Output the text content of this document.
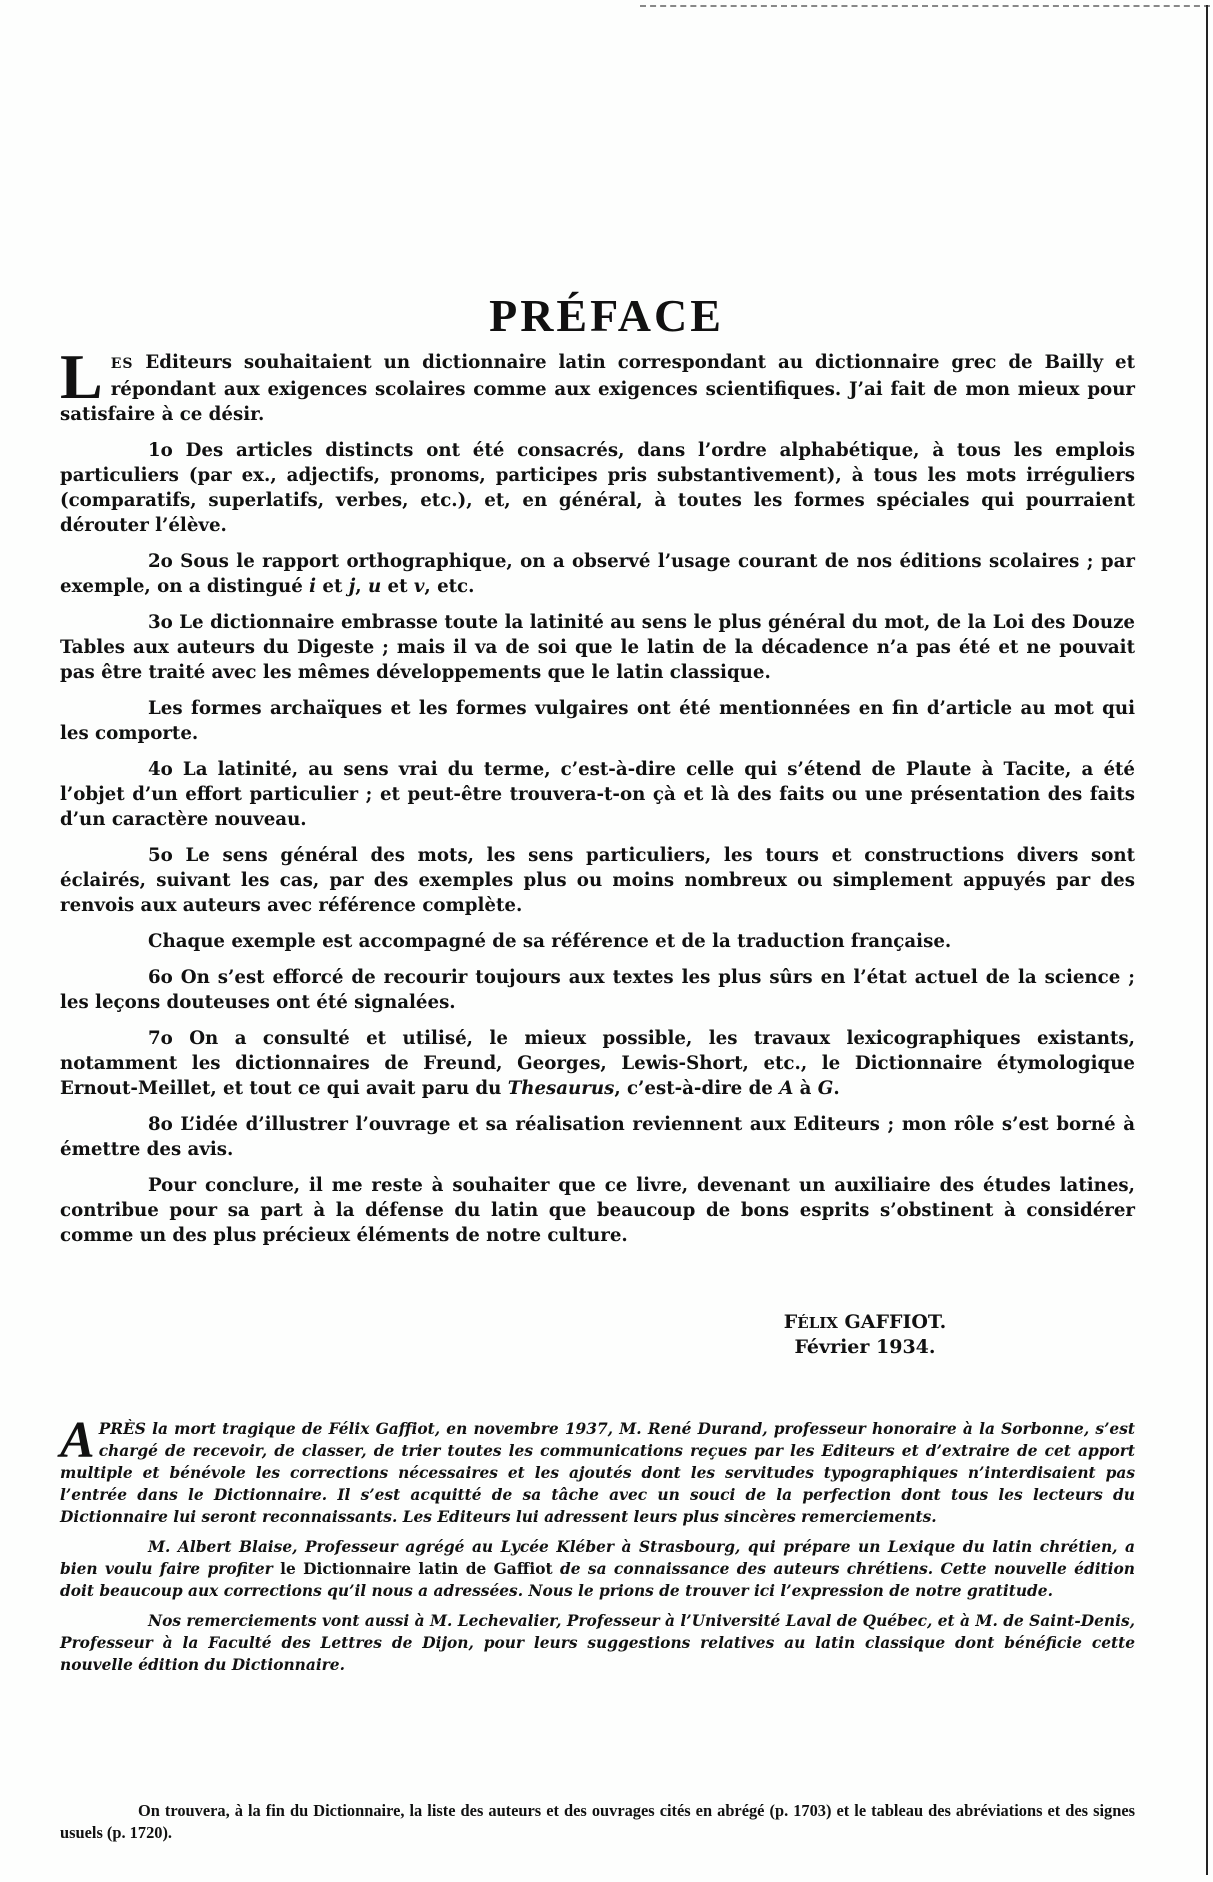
PRÉFACE

LES Editeurs souhaitaient un dictionnaire latin correspondant au dictionnaire grec de Bailly et répondant aux exigences scolaires comme aux exigences scientifiques. J’ai fait de mon mieux pour satisfaire à ce désir.

1o Des articles distincts ont été consacrés, dans l’ordre alphabétique, à tous les emplois particuliers (par ex., adjectifs, pronoms, participes pris substantivement), à tous les mots irréguliers (comparatifs, superlatifs, verbes, etc.), et, en général, à toutes les formes spéciales qui pourraient dérouter l’élève.

2o Sous le rapport orthographique, on a observé l’usage courant de nos éditions scolaires ; par exemple, on a distingué i et j, u et v, etc.

3o Le dictionnaire embrasse toute la latinité au sens le plus général du mot, de la Loi des Douze Tables aux auteurs du Digeste ; mais il va de soi que le latin de la décadence n’a pas été et ne pouvait pas être traité avec les mêmes développements que le latin classique.

Les formes archaïques et les formes vulgaires ont été mentionnées en fin d’article au mot qui les comporte.

4o La latinité, au sens vrai du terme, c’est-à-dire celle qui s’étend de Plaute à Tacite, a été l’objet d’un effort particulier ; et peut-être trouvera-t-on çà et là des faits ou une présentation des faits d’un caractère nouveau.

5o Le sens général des mots, les sens particuliers, les tours et constructions divers sont éclairés, suivant les cas, par des exemples plus ou moins nombreux ou simplement appuyés par des renvois aux auteurs avec référence complète.

Chaque exemple est accompagné de sa référence et de la traduction française.

6o On s’est efforcé de recourir toujours aux textes les plus sûrs en l’état actuel de la science ; les leçons douteuses ont été signalées.

7o On a consulté et utilisé, le mieux possible, les travaux lexicographiques existants, notamment les dictionnaires de Freund, Georges, Lewis-Short, etc., le Dictionnaire étymologique Ernout-Meillet, et tout ce qui avait paru du Thesaurus, c’est-à-dire de A à G.

8o L’idée d’illustrer l’ouvrage et sa réalisation reviennent aux Editeurs ; mon rôle s’est borné à émettre des avis.

Pour conclure, il me reste à souhaiter que ce livre, devenant un auxiliaire des études latines, contribue pour sa part à la défense du latin que beaucoup de bons esprits s’obstinent à considérer comme un des plus précieux éléments de notre culture.

FÉLIX GAFFIOT.
Février 1934.

APRÈS la mort tragique de Félix Gaffiot, en novembre 1937, M. René Durand, professeur honoraire à la Sorbonne, s’est chargé de recevoir, de classer, de trier toutes les communications reçues par les Editeurs et d’extraire de cet apport multiple et bénévole les corrections nécessaires et les ajoutés dont les servitudes typographiques n’interdisaient pas l’entrée dans le Dictionnaire. Il s’est acquitté de sa tâche avec un souci de la perfection dont tous les lecteurs du Dictionnaire lui seront reconnaissants. Les Editeurs lui adressent leurs plus sincères remerciements.

M. Albert Blaise, Professeur agrégé au Lycée Kléber à Strasbourg, qui prépare un Lexique du latin chrétien, a bien voulu faire profiter le Dictionnaire latin de Gaffiot de sa connaissance des auteurs chrétiens. Cette nouvelle édition doit beaucoup aux corrections qu’il nous a adressées. Nous le prions de trouver ici l’expression de notre gratitude.

Nos remerciements vont aussi à M. Lechevalier, Professeur à l’Université Laval de Québec, et à M. de Saint-Denis, Professeur à la Faculté des Lettres de Dijon, pour leurs suggestions relatives au latin classique dont bénéficie cette nouvelle édition du Dictionnaire.

On trouvera, à la fin du Dictionnaire, la liste des auteurs et des ouvrages cités en abrégé (p. 1703) et le tableau des abréviations et des signes usuels (p. 1720).
